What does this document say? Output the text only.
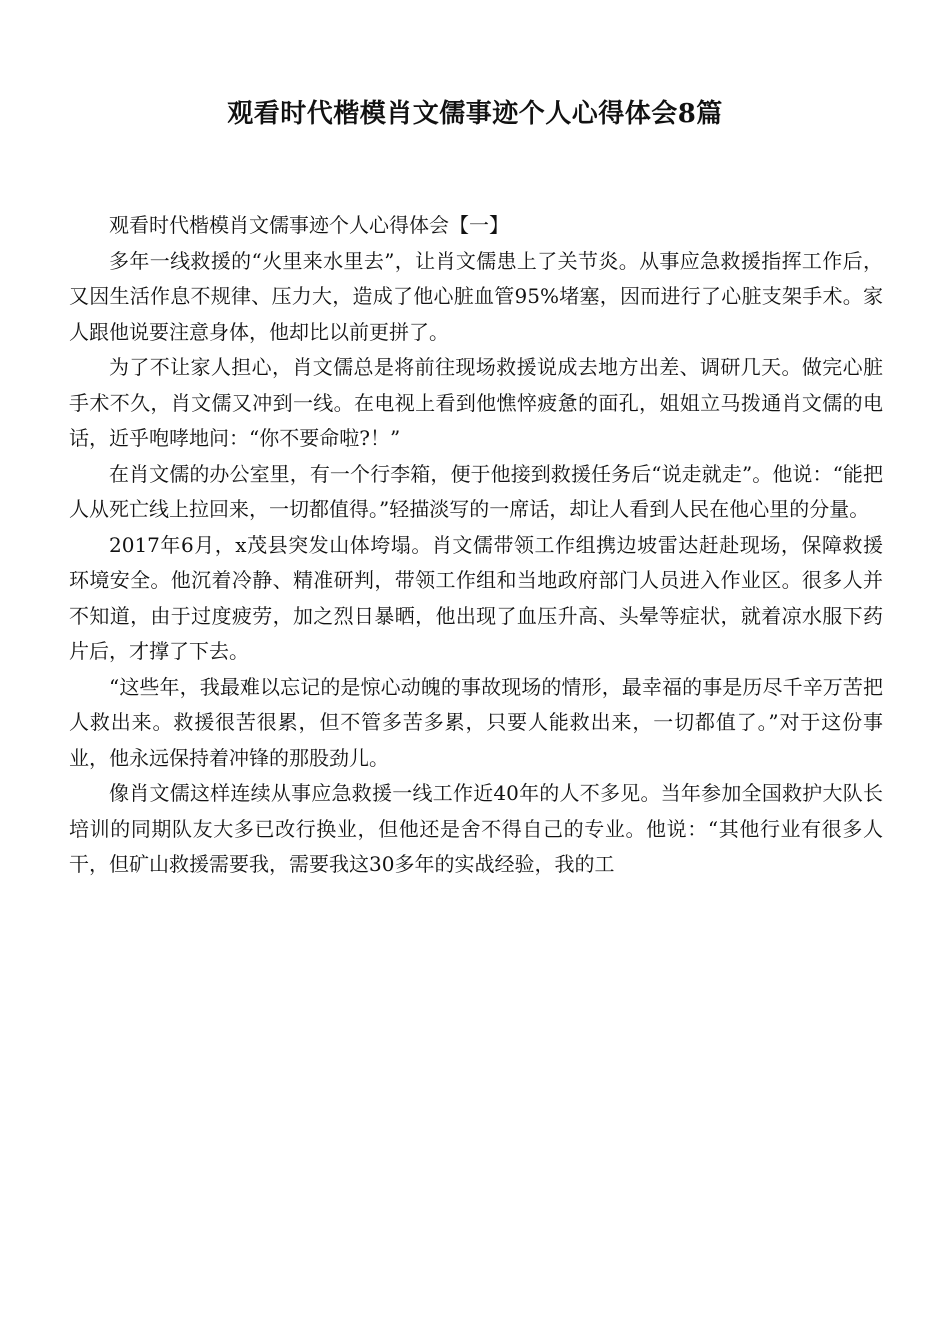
观看时代楷模肖文儒事迹个人心得体会8篇

观看时代楷模肖文儒事迹个人心得体会【一】

多年一线救援的“火里来水里去”，让肖文儒患上了关节炎。从事应急救援指挥工作后，又因生活作息不规律、压力大，造成了他心脏血管95%堵塞，因而进行了心脏支架手术。家人跟他说要注意身体，他却比以前更拼了。

为了不让家人担心，肖文儒总是将前往现场救援说成去地方出差、调研几天。做完心脏手术不久，肖文儒又冲到一线。在电视上看到他憔悴疲惫的面孔，姐姐立马拨通肖文儒的电话，近乎咆哮地问：“你不要命啦?！”

在肖文儒的办公室里，有一个行李箱，便于他接到救援任务后“说走就走”。他说：“能把人从死亡线上拉回来，一切都值得。”轻描淡写的一席话，却让人看到人民在他心里的分量。

2017年6月，x茂县突发山体垮塌。肖文儒带领工作组携边坡雷达赶赴现场，保障救援环境安全。他沉着冷静、精准研判，带领工作组和当地政府部门人员进入作业区。很多人并不知道，由于过度疲劳，加之烈日暴晒，他出现了血压升高、头晕等症状，就着凉水服下药片后，才撑了下去。

“这些年，我最难以忘记的是惊心动魄的事故现场的情形，最幸福的事是历尽千辛万苦把人救出来。救援很苦很累，但不管多苦多累，只要人能救出来，一切都值了。”对于这份事业，他永远保持着冲锋的那股劲儿。

像肖文儒这样连续从事应急救援一线工作近40年的人不多见。当年参加全国救护大队长培训的同期队友大多已改行换业，但他还是舍不得自己的专业。他说：“其他行业有很多人干，但矿山救援需要我，需要我这30多年的实战经验，我的工
